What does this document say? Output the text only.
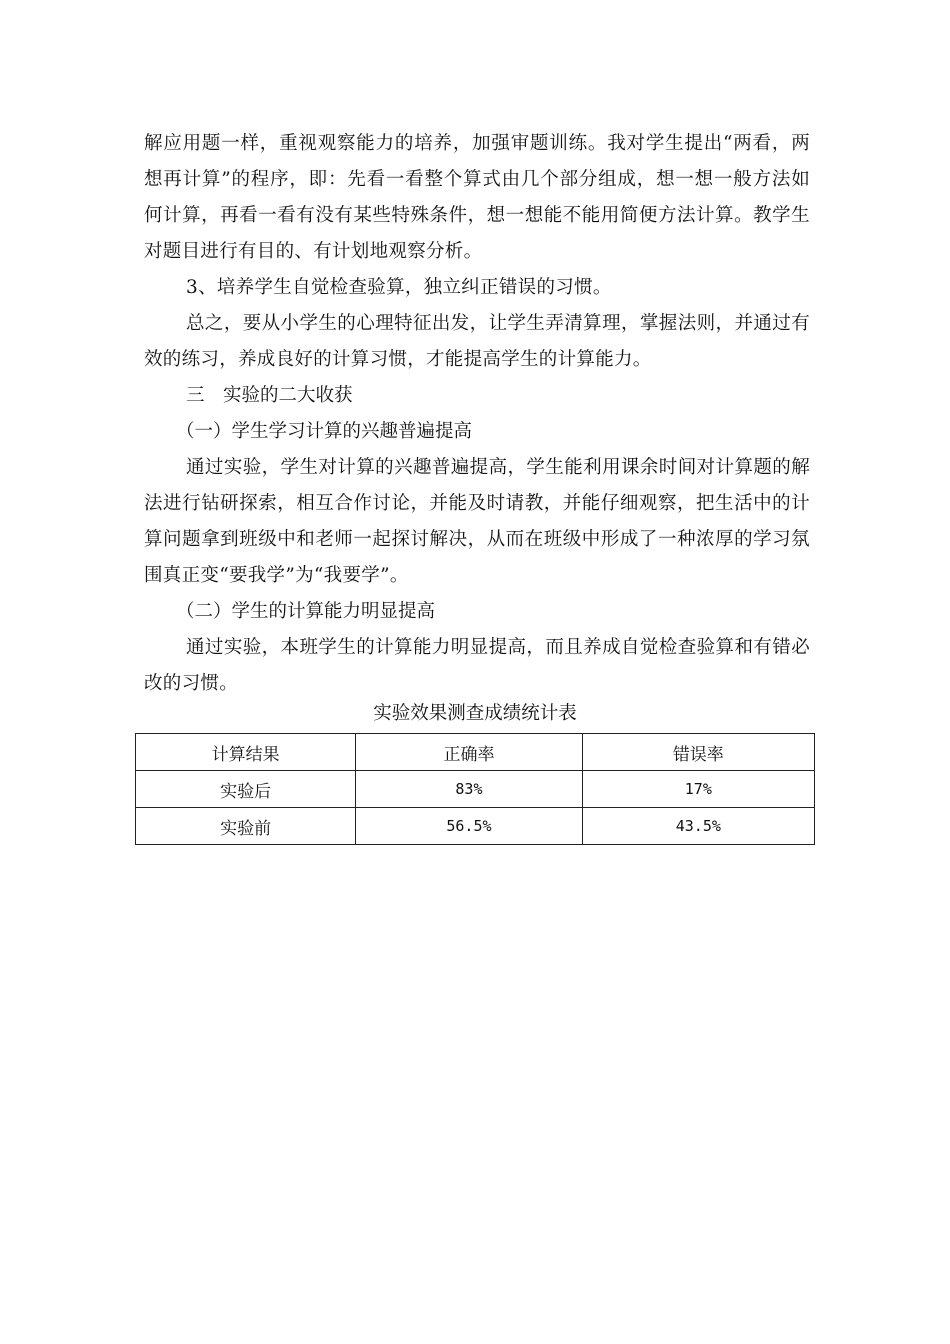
解应用题一样，重视观察能力的培养，加强审题训练。我对学生提出“两看，两想再计算”的程序，即：先看一看整个算式由几个部分组成，想一想一般方法如何计算，再看一看有没有某些特殊条件，想一想能不能用简便方法计算。教学生对题目进行有目的、有计划地观察分析。

3、培养学生自觉检查验算，独立纠正错误的习惯。

总之，要从小学生的心理特征出发，让学生弄清算理，掌握法则，并通过有效的练习，养成良好的计算习惯，才能提高学生的计算能力。

三　实验的二大收获

（一）学生学习计算的兴趣普遍提高

通过实验，学生对计算的兴趣普遍提高，学生能利用课余时间对计算题的解法进行钻研探索，相互合作讨论，并能及时请教，并能仔细观察，把生活中的计算问题拿到班级中和老师一起探讨解决，从而在班级中形成了一种浓厚的学习氛围真正变“要我学”为“我要学”。

（二）学生的计算能力明显提高

通过实验，本班学生的计算能力明显提高，而且养成自觉检查验算和有错必改的习惯。

实验效果测查成绩统计表

计算结果	正确率	错误率
实验后	83%	17%
实验前	56.5%	43.5%
